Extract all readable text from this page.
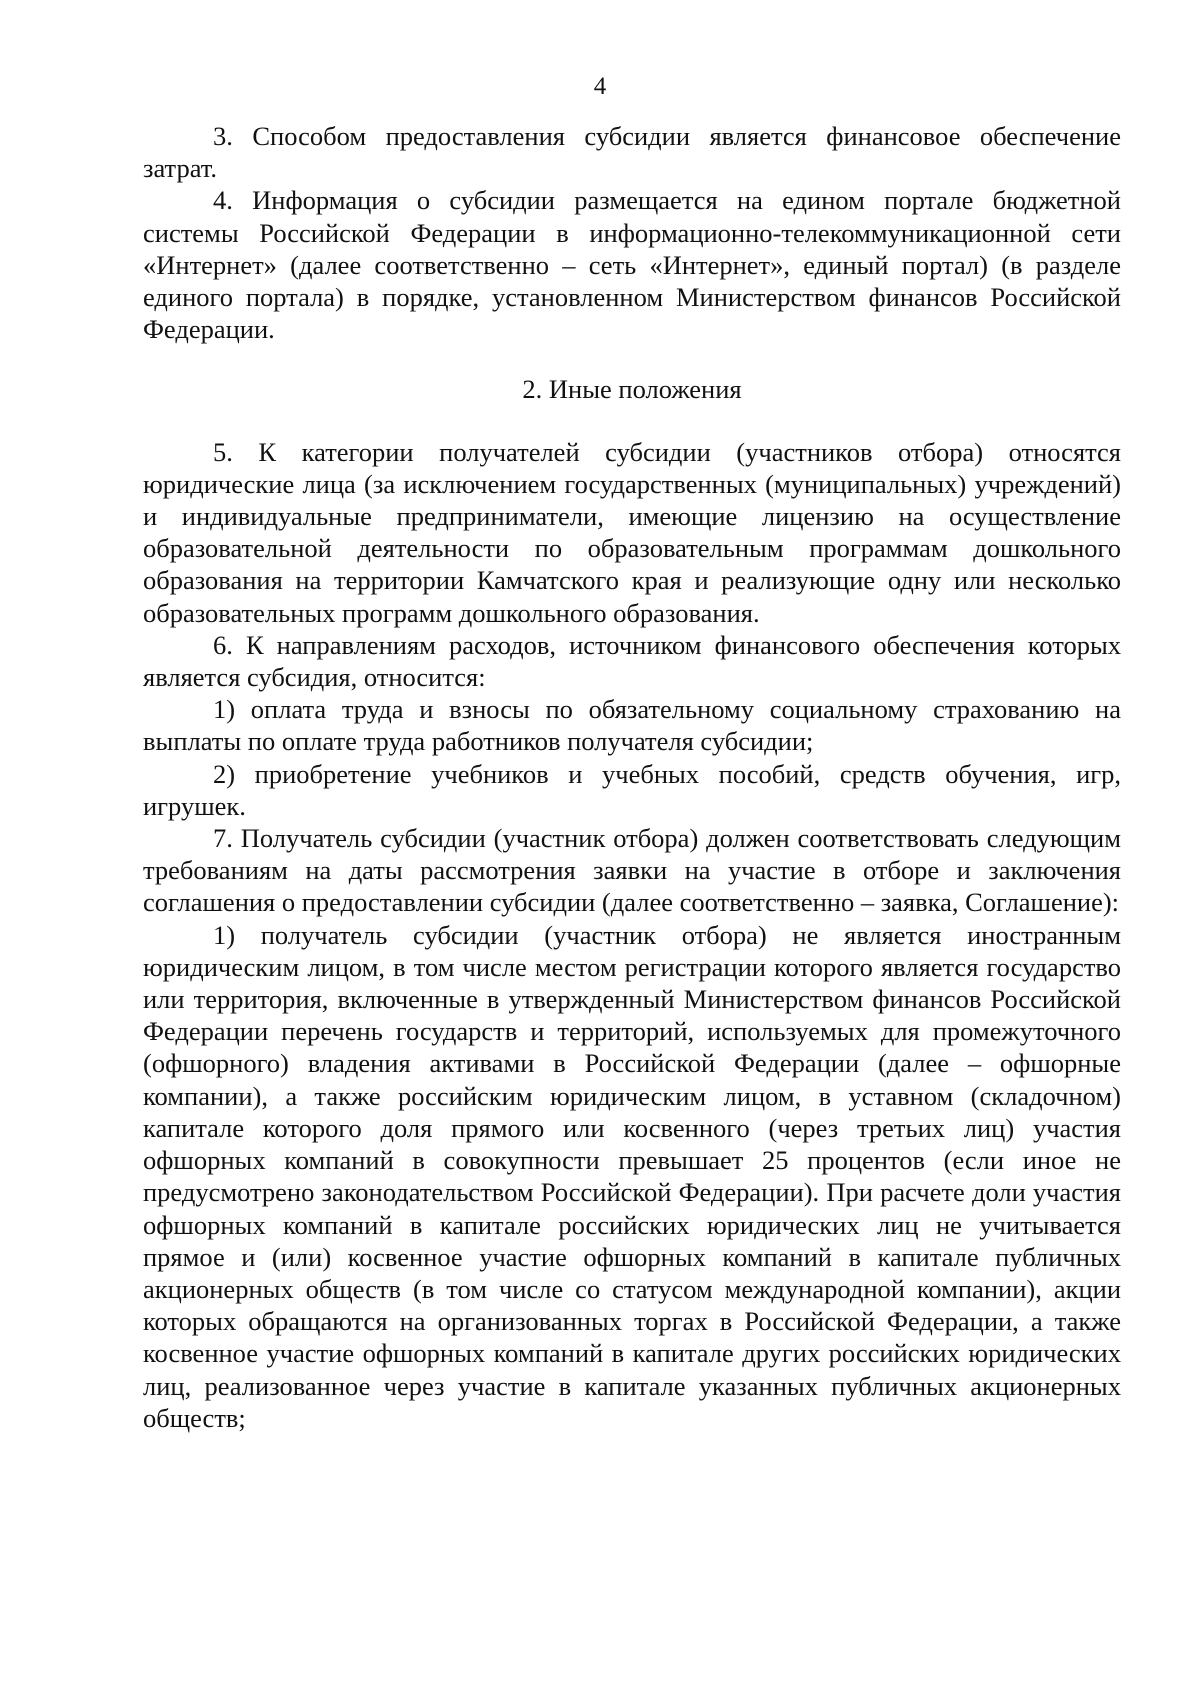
4

3. Способом предоставления субсидии является финансовое обеспечение затрат.

4. Информация о субсидии размещается на едином портале бюджетной системы Российской Федерации в информационно-телекоммуникационной сети «Интернет» (далее соответственно – сеть «Интернет», единый портал) (в разделе единого портала) в порядке, установленном Министерством финансов Российской Федерации.

2. Иные положения

5. К категории получателей субсидии (участников отбора) относятся юридические лица (за исключением государственных (муниципальных) учреждений) и индивидуальные предприниматели, имеющие лицензию на осуществление образовательной деятельности по образовательным программам дошкольного образования на территории Камчатского края и реализующие одну или несколько образовательных программ дошкольного образования.

6. К направлениям расходов, источником финансового обеспечения которых является субсидия, относится:

1) оплата труда и взносы по обязательному социальному страхованию на выплаты по оплате труда работников получателя субсидии;

2) приобретение учебников и учебных пособий, средств обучения, игр, игрушек.

7. Получатель субсидии (участник отбора) должен соответствовать следующим требованиям на даты рассмотрения заявки на участие в отборе и заключения соглашения о предоставлении субсидии (далее соответственно – заявка, Соглашение):

1) получатель субсидии (участник отбора) не является иностранным юридическим лицом, в том числе местом регистрации которого является государство или территория, включенные в утвержденный Министерством финансов Российской Федерации перечень государств и территорий, используемых для промежуточного (офшорного) владения активами в Российской Федерации (далее – офшорные компании), а также российским юридическим лицом, в уставном (складочном) капитале которого доля прямого или косвенного (через третьих лиц) участия офшорных компаний в совокупности превышает 25 процентов (если иное не предусмотрено законодательством Российской Федерации). При расчете доли участия офшорных компаний в капитале российских юридических лиц не учитывается прямое и (или) косвенное участие офшорных компаний в капитале публичных акционерных обществ (в том числе со статусом международной компании), акции которых обращаются на организованных торгах в Российской Федерации, а также косвенное участие офшорных компаний в капитале других российских юридических лиц, реализованное через участие в капитале указанных публичных акционерных обществ;
